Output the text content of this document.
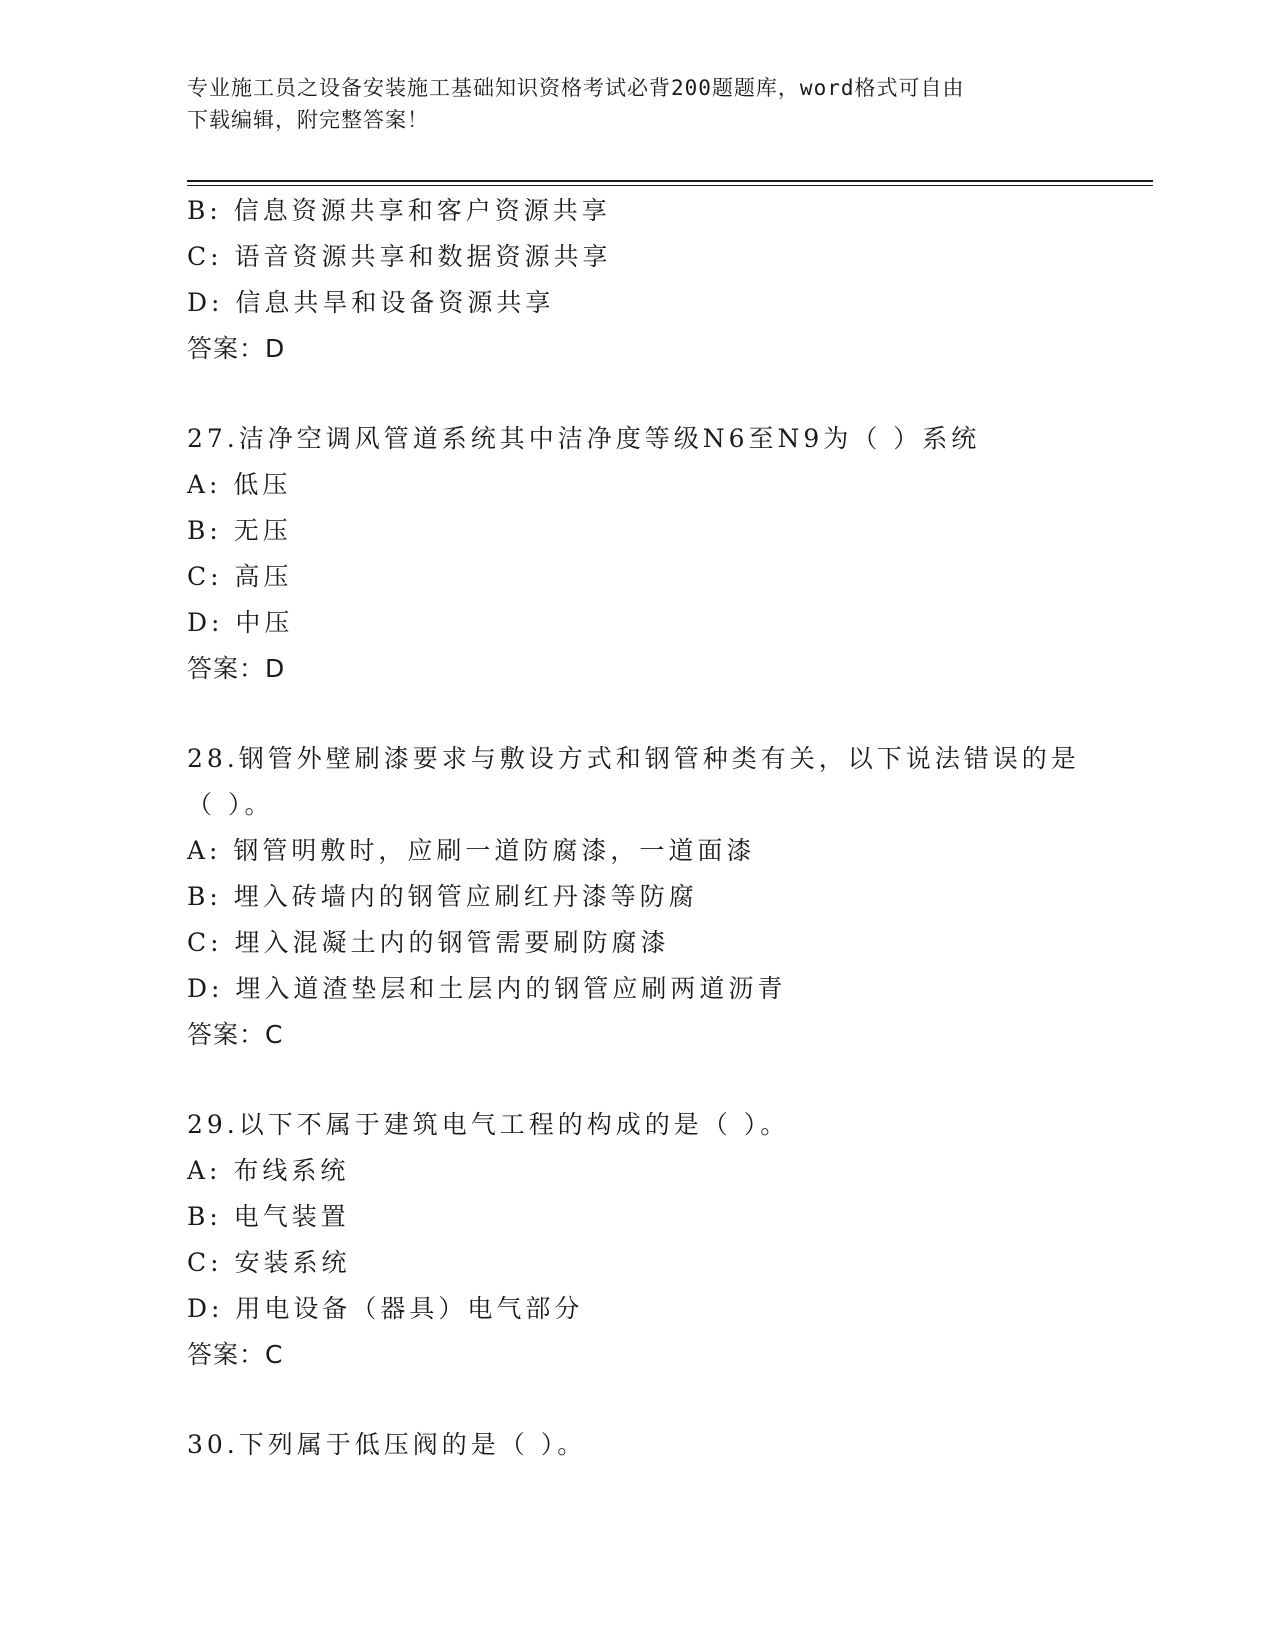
专业施工员之设备安装施工基础知识资格考试必背200题题库，word格式可自由
下载编辑，附完整答案！
B: 信息资源共享和客户资源共享
C: 语音资源共享和数据资源共享
D: 信息共旱和设备资源共享
答案：D
27.洁净空调风管道系统其中洁净度等级N6至N9为（ ）系统
A: 低压
B: 无压
C: 高压
D: 中压
答案：D
28.钢管外壁刷漆要求与敷设方式和钢管种类有关，以下说法错误的是
（ ）。
A: 钢管明敷时，应刷一道防腐漆，一道面漆
B: 埋入砖墙内的钢管应刷红丹漆等防腐
C: 埋入混凝土内的钢管需要刷防腐漆
D: 埋入道渣垫层和土层内的钢管应刷两道沥青
答案：C
29.以下不属于建筑电气工程的构成的是（ ）。
A: 布线系统
B: 电气装置
C: 安装系统
D: 用电设备（器具）电气部分
答案：C
30.下列属于低压阀的是（ ）。
